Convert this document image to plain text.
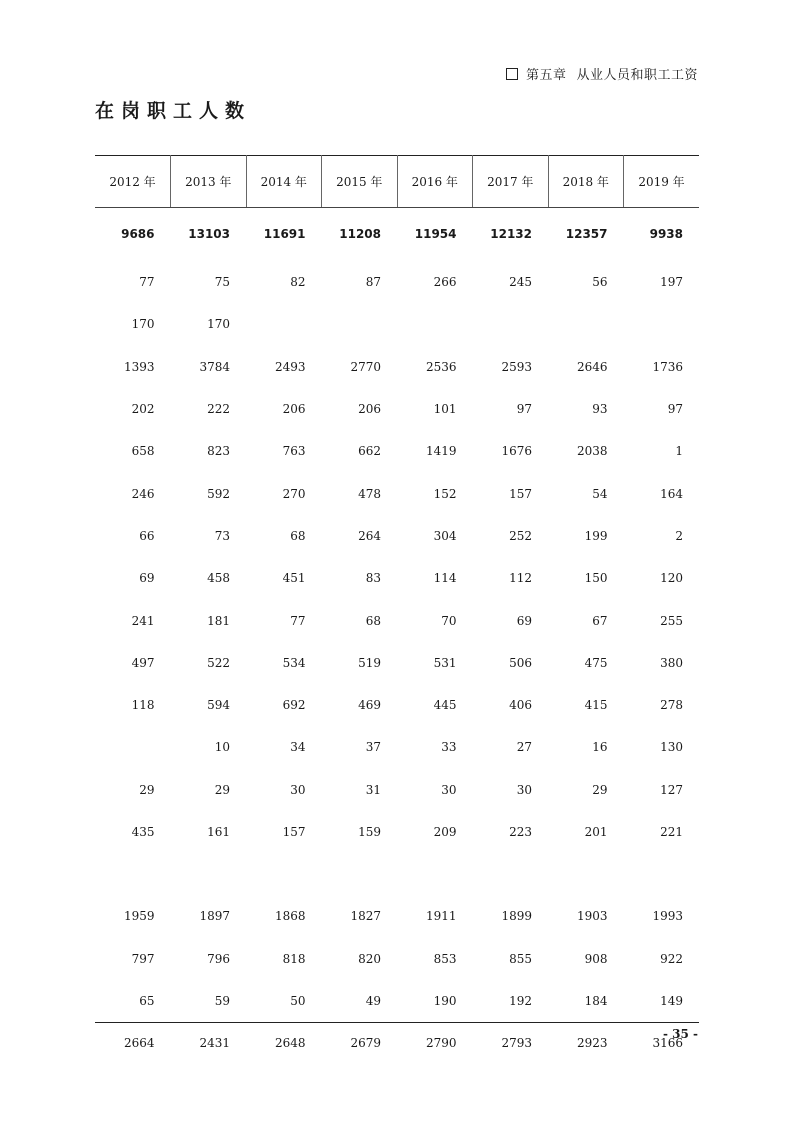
第五章 从业人员和职工工资
在岗职工人数
2012 年	2013 年	2014 年	2015 年	2016 年	2017 年	2018 年	2019 年
9686	13103	11691	11208	11954	12132	12357	9938
77	75	82	87	266	245	56	197
170	170						
1393	3784	2493	2770	2536	2593	2646	1736
202	222	206	206	101	97	93	97
658	823	763	662	1419	1676	2038	1
246	592	270	478	152	157	54	164
66	73	68	264	304	252	199	2
69	458	451	83	114	112	150	120
241	181	77	68	70	69	67	255
497	522	534	519	531	506	475	380
118	594	692	469	445	406	415	278
	10	34	37	33	27	16	130
29	29	30	31	30	30	29	127
435	161	157	159	209	223	201	221

1959	1897	1868	1827	1911	1899	1903	1993
797	796	818	820	853	855	908	922
65	59	50	49	190	192	184	149
2664	2431	2648	2679	2790	2793	2923	3166
- 35 -
